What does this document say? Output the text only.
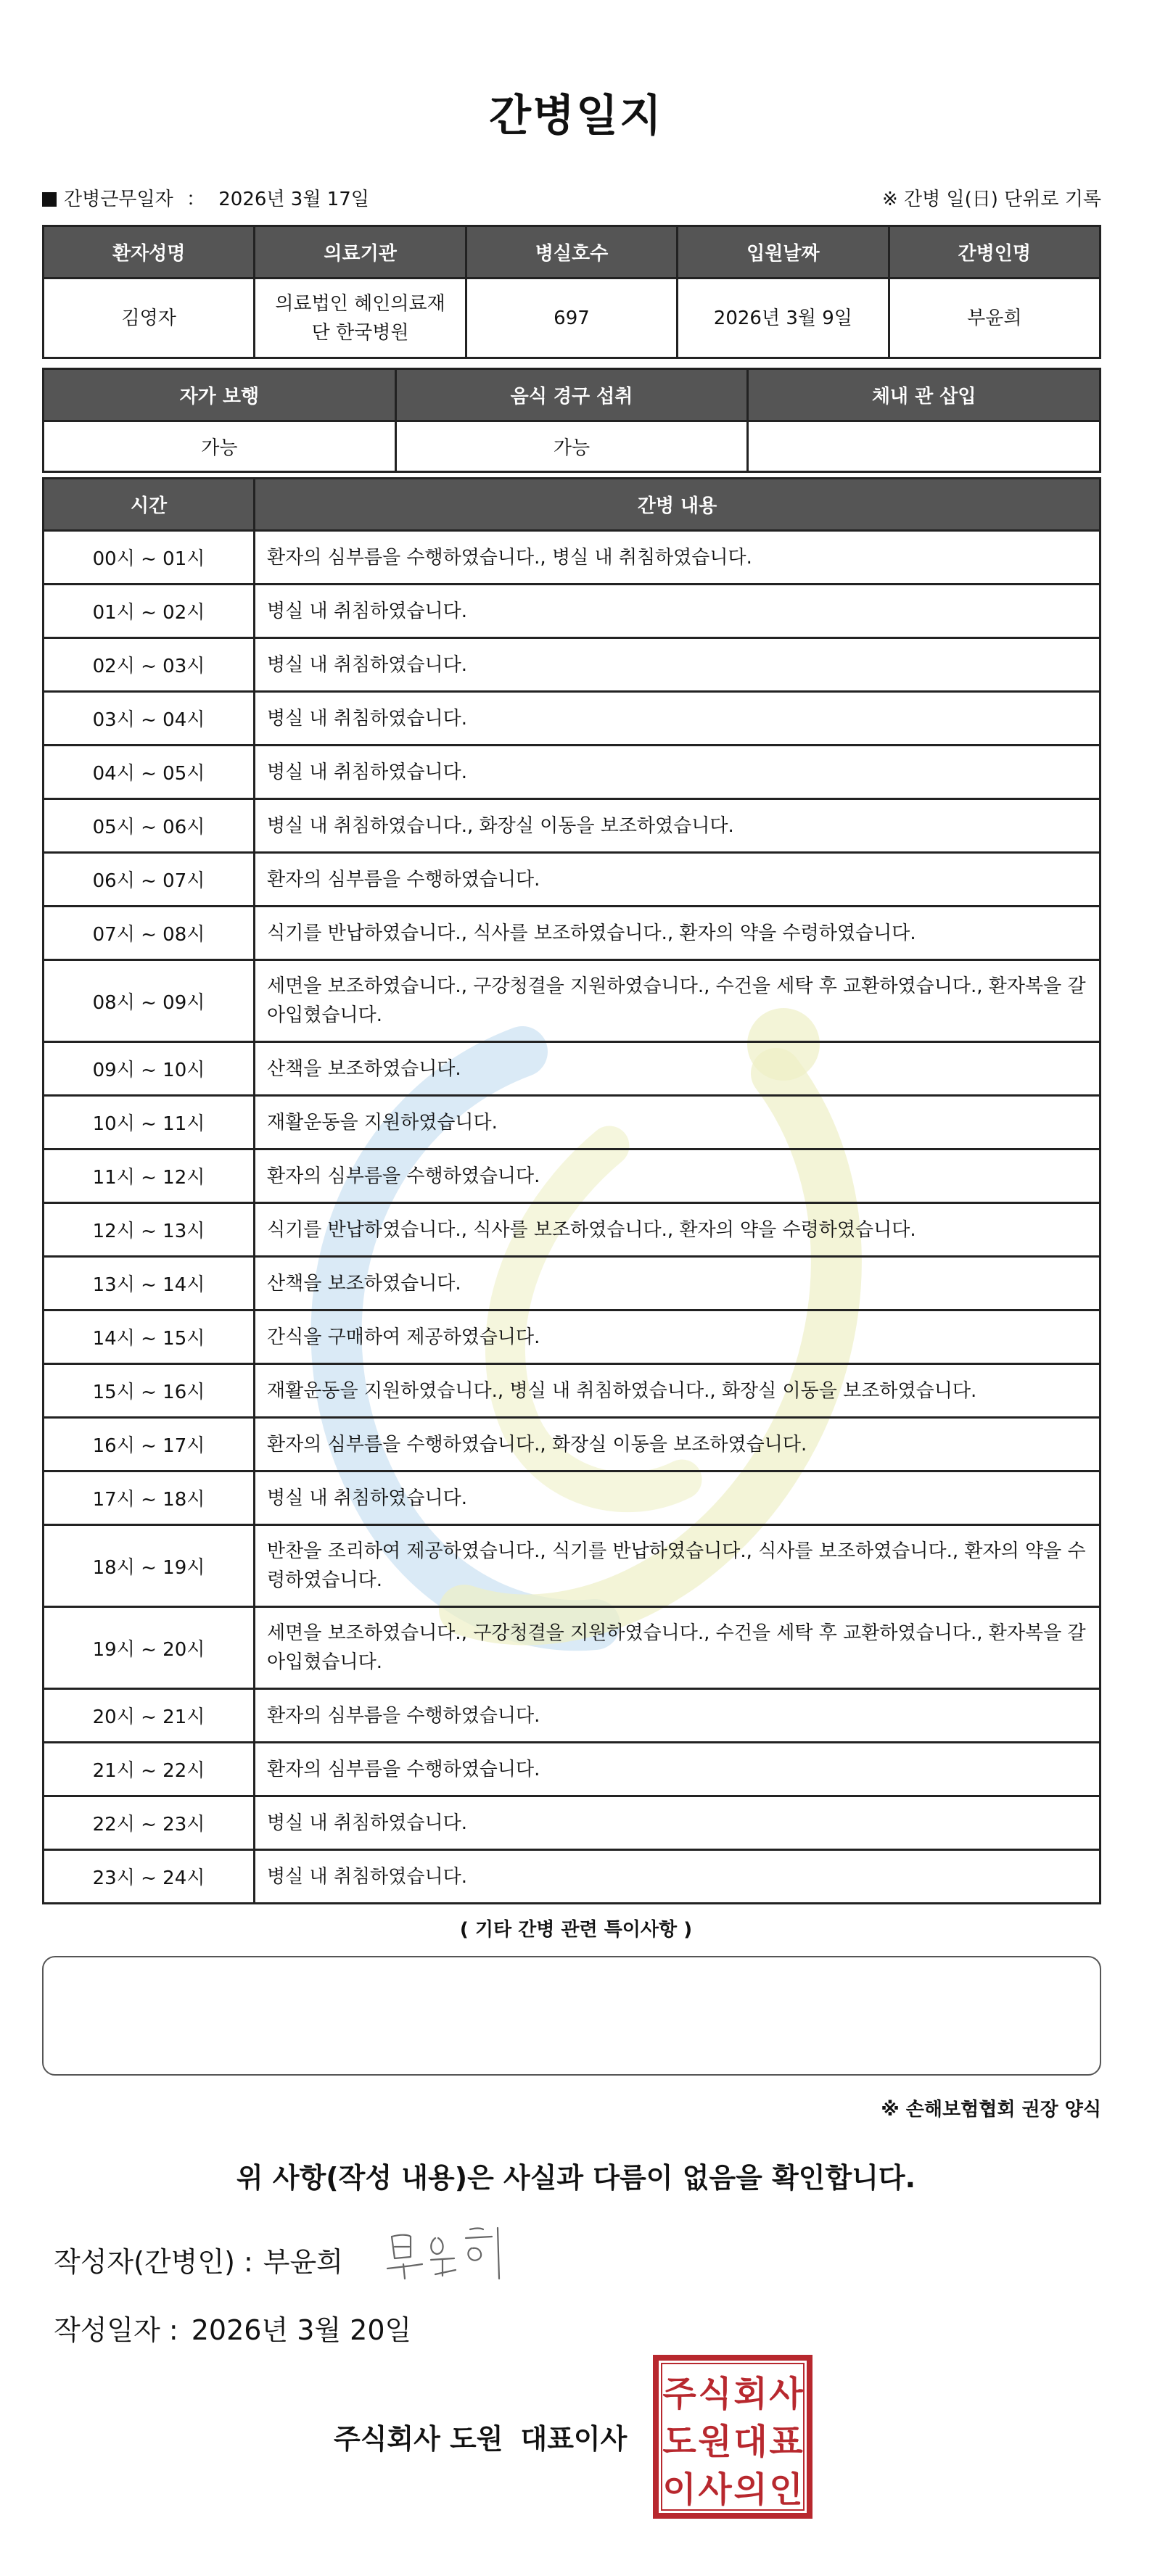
간병일지
간병근무일자 ： 2026년 3월 17일	※ 간병 일(日) 단위로 기록
환자성명	의료기관	병실호수	입원날짜	간병인명
김영자	의료법인 혜인의료재단 한국병원	697	2026년 3월 9일	부윤희
자가 보행	음식 경구 섭취	체내 관 삽입
가능	가능	
시간	간병 내용
00시 ~ 01시	환자의 심부름을 수행하였습니다., 병실 내 취침하였습니다.
01시 ~ 02시	병실 내 취침하였습니다.
02시 ~ 03시	병실 내 취침하였습니다.
03시 ~ 04시	병실 내 취침하였습니다.
04시 ~ 05시	병실 내 취침하였습니다.
05시 ~ 06시	병실 내 취침하였습니다., 화장실 이동을 보조하였습니다.
06시 ~ 07시	환자의 심부름을 수행하였습니다.
07시 ~ 08시	식기를 반납하였습니다., 식사를 보조하였습니다., 환자의 약을 수령하였습니다.
08시 ~ 09시	세면을 보조하였습니다., 구강청결을 지원하였습니다., 수건을 세탁 후 교환하였습니다., 환자복을 갈아입혔습니다.
09시 ~ 10시	산책을 보조하였습니다.
10시 ~ 11시	재활운동을 지원하였습니다.
11시 ~ 12시	환자의 심부름을 수행하였습니다.
12시 ~ 13시	식기를 반납하였습니다., 식사를 보조하였습니다., 환자의 약을 수령하였습니다.
13시 ~ 14시	산책을 보조하였습니다.
14시 ~ 15시	간식을 구매하여 제공하였습니다.
15시 ~ 16시	재활운동을 지원하였습니다., 병실 내 취침하였습니다., 화장실 이동을 보조하였습니다.
16시 ~ 17시	환자의 심부름을 수행하였습니다., 화장실 이동을 보조하였습니다.
17시 ~ 18시	병실 내 취침하였습니다.
18시 ~ 19시	반찬을 조리하여 제공하였습니다., 식기를 반납하였습니다., 식사를 보조하였습니다., 환자의 약을 수령하였습니다.
19시 ~ 20시	세면을 보조하였습니다., 구강청결을 지원하였습니다., 수건을 세탁 후 교환하였습니다., 환자복을 갈아입혔습니다.
20시 ~ 21시	환자의 심부름을 수행하였습니다.
21시 ~ 22시	환자의 심부름을 수행하였습니다.
22시 ~ 23시	병실 내 취침하였습니다.
23시 ~ 24시	병실 내 취침하였습니다.
( 기타 간병 관련 특이사항 )
※ 손해보험협회 권장 양식
위 사항(작성 내용)은 사실과 다름이 없음을 확인합니다.
작성자(간병인) : 부윤희
작성일자 : 2026년 3월 20일
주식회사 도원 대표이사
주 식 회 사
도 원 대 표
이 사 의 인
